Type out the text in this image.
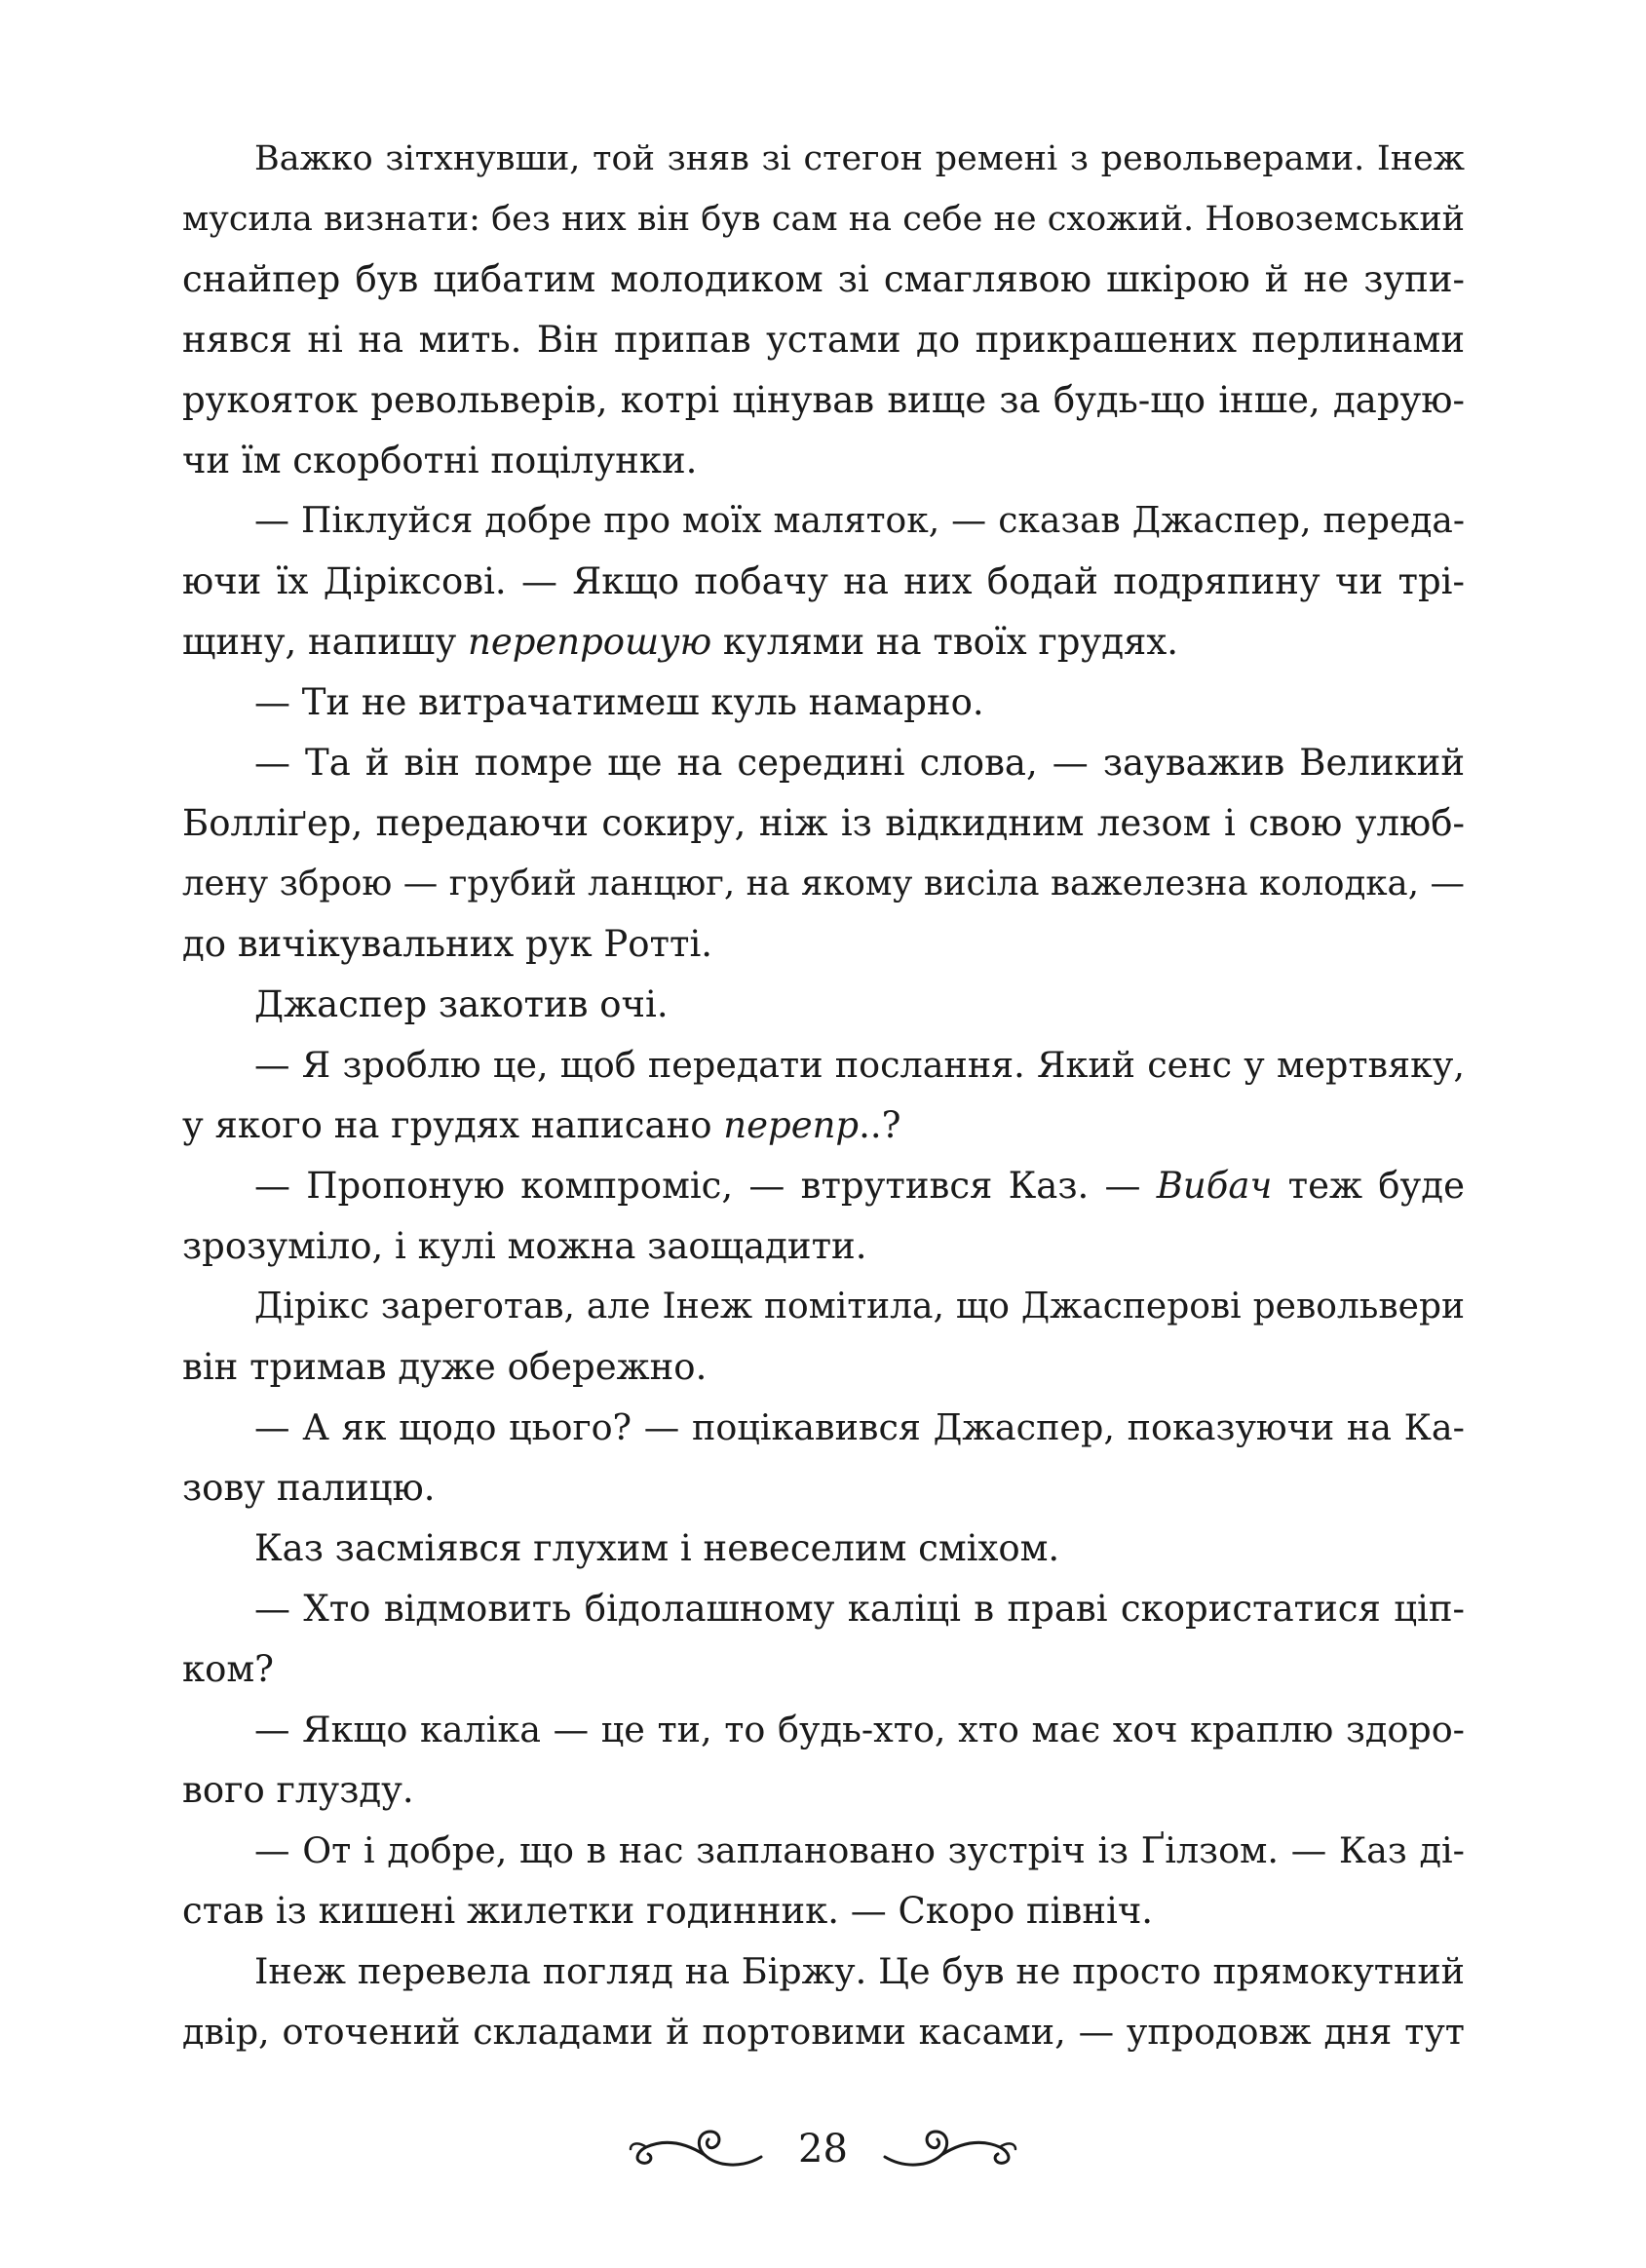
Важко зітхнувши, той зняв зі стегон ремені з револьверами. Інеж
мусила визнати: без них він був сам на себе не схожий. Новоземський
снайпер був цибатим молодиком зі смаглявою шкірою й не зупи-
нявся ні на мить. Він припав устами до прикрашених перлинами
рукояток револьверів, котрі цінував вище за будь-що інше, дарую-
чи їм скорботні поцілунки.
— Піклуйся добре про моїх маляток, — сказав Джаспер, переда-
ючи їх Діріксові. — Якщо побачу на них бодай подряпину чи трі-
щину, напишу перепрошую кулями на твоїх грудях.
— Ти не витрачатимеш куль намарно.
— Та й він помре ще на середині слова, — зауважив Великий
Болліґер, передаючи сокиру, ніж із відкидним лезом і свою улюб-
лену зброю — грубий ланцюг, на якому висіла важелезна колодка, —
до вичікувальних рук Ротті.
Джаспер закотив очі.
— Я зроблю це, щоб передати послання. Який сенс у мертвяку,
у якого на грудях написано перепр..?
— Пропоную компроміс, — втрутився Каз. — Вибач теж буде
зрозуміло, і кулі можна заощадити.
Дірікс зареготав, але Інеж помітила, що Джасперові револьвери
він тримав дуже обережно.
— А як щодо цього? — поцікавився Джаспер, показуючи на Ка-
зову палицю.
Каз засміявся глухим і невеселим сміхом.
— Хто відмовить бідолашному каліці в праві скористатися ціп-
ком?
— Якщо каліка — це ти, то будь-хто, хто має хоч краплю здоро-
вого глузду.
— От і добре, що в нас заплановано зустріч із Ґілзом. — Каз ді-
став із кишені жилетки годинник. — Скоро північ.
Інеж перевела погляд на Біржу. Це був не просто прямокутний
двір, оточений складами й портовими касами, — упродовж дня тут
28
